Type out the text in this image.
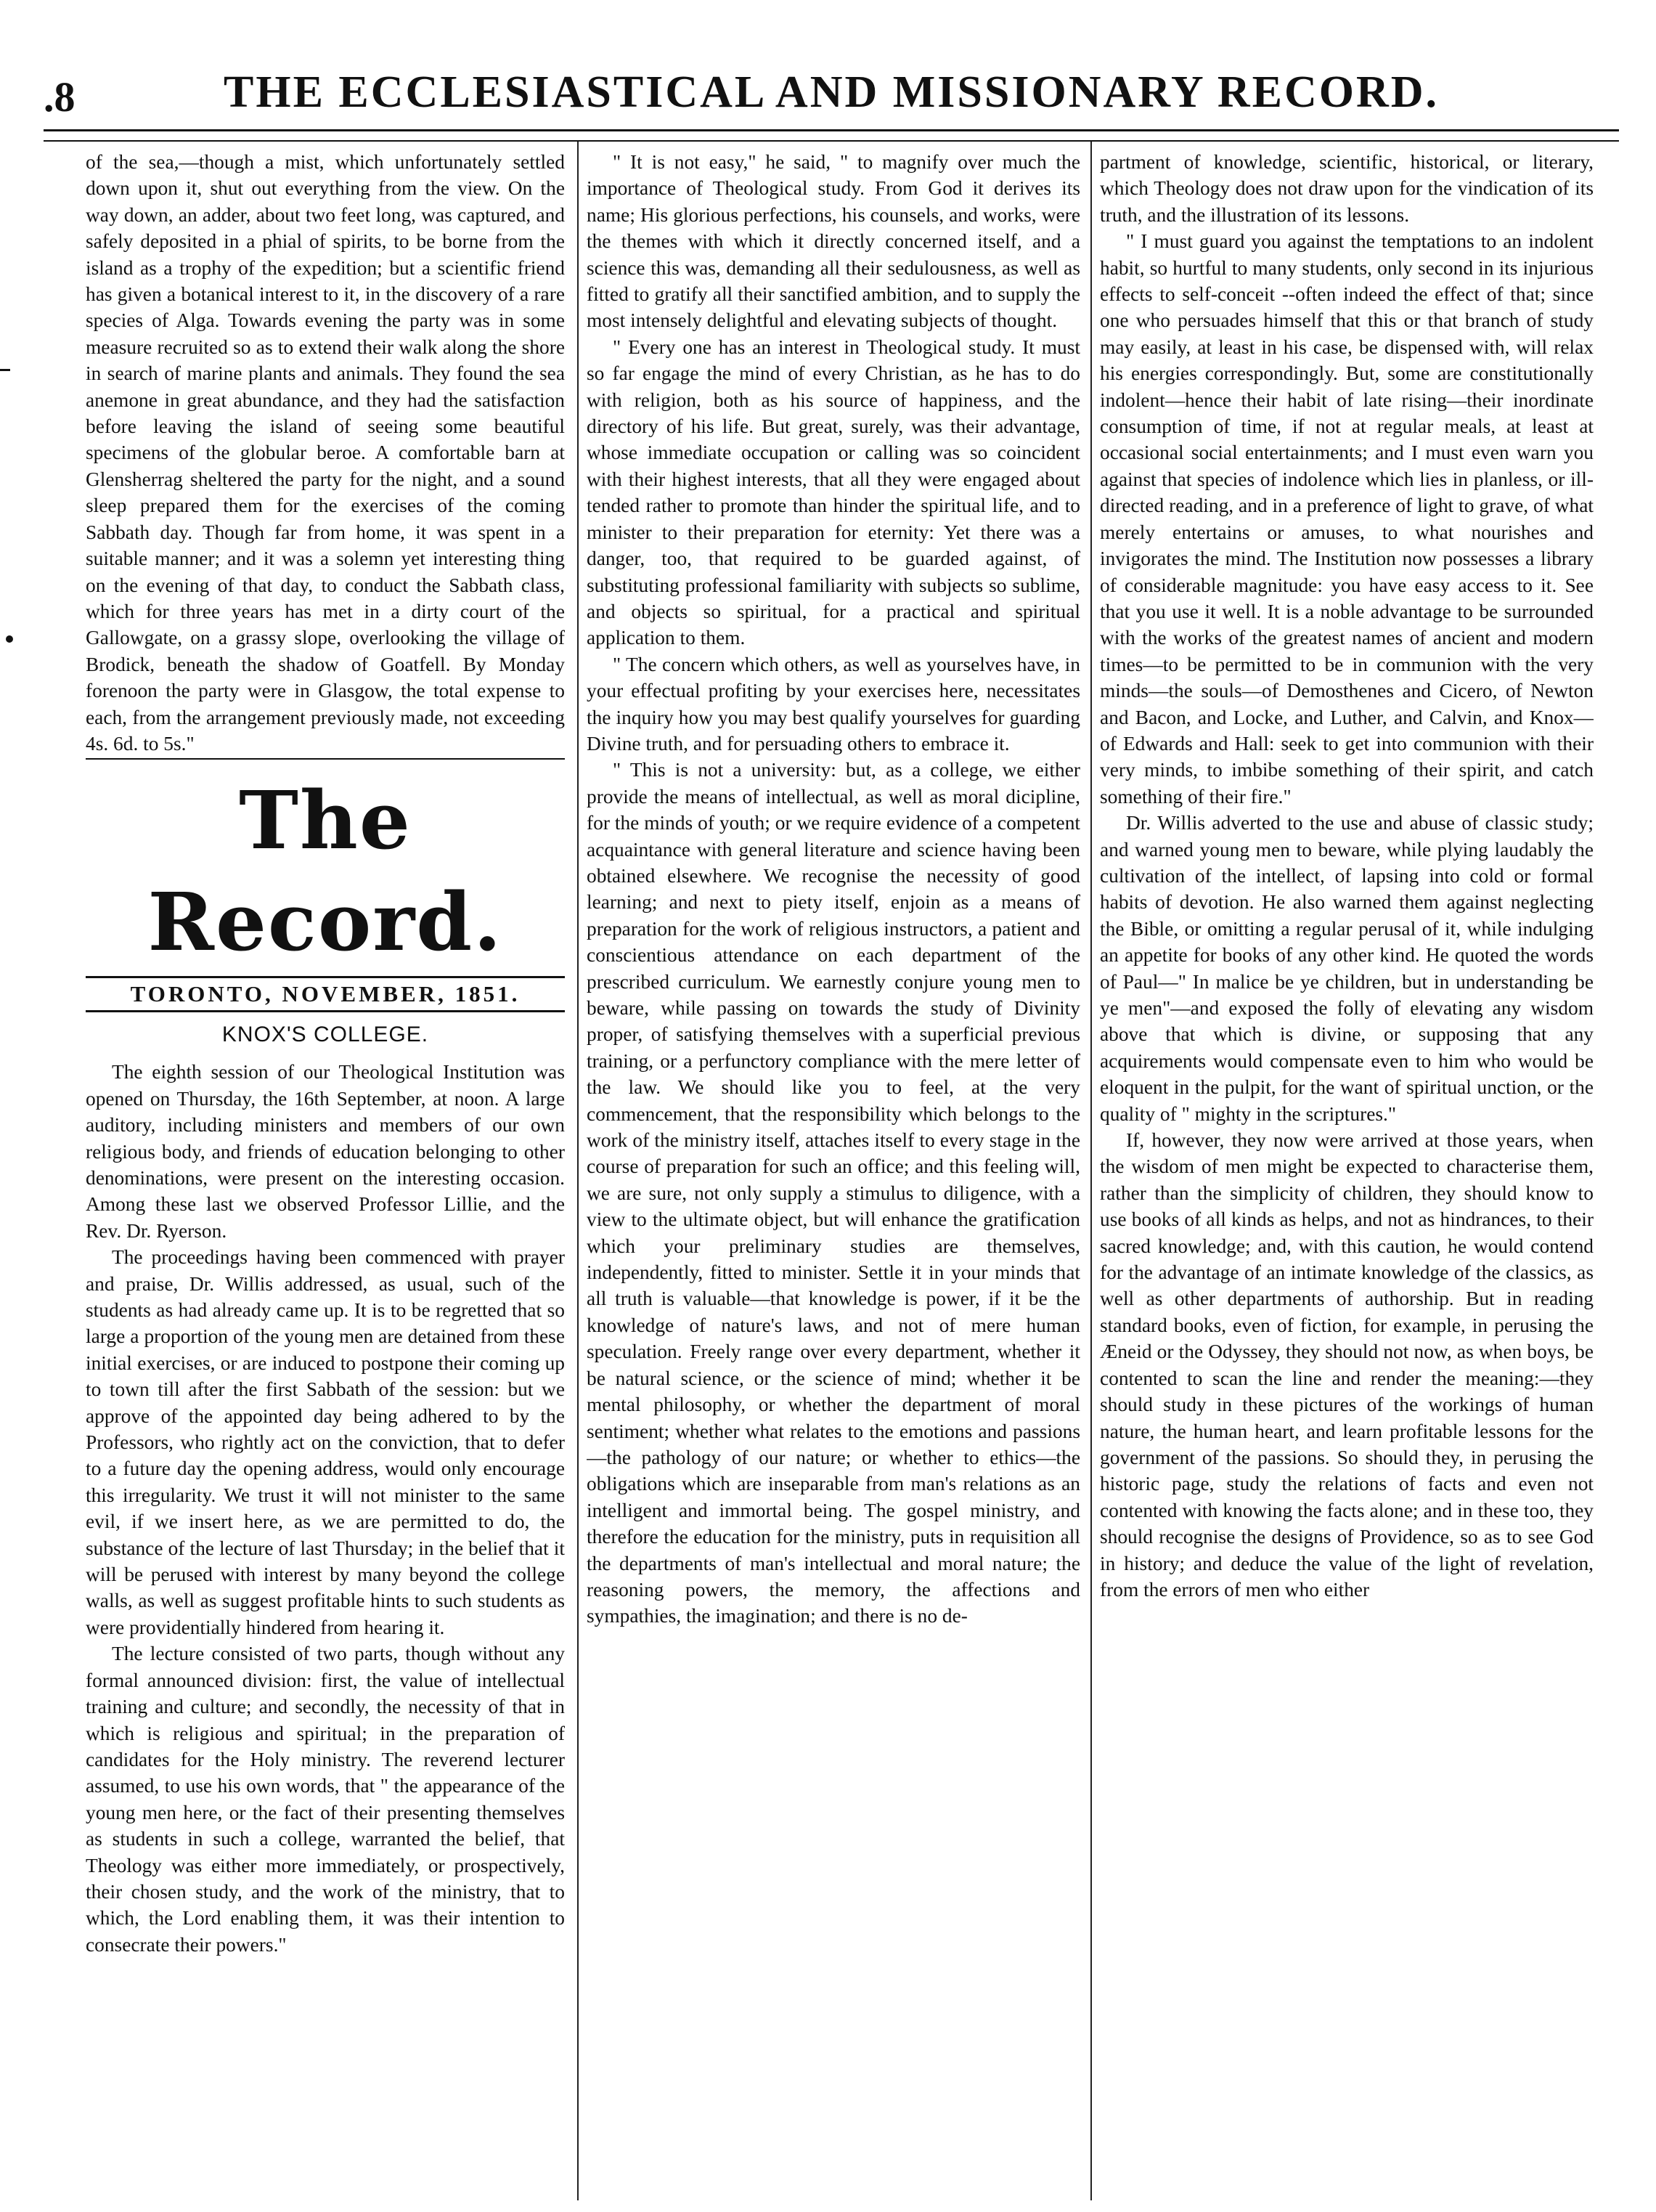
.8	THE ECCLESIASTICAL AND MISSIONARY RECORD.

of the sea,—though a mist, which unfortunately settled down upon it, shut out everything from the view. On the way down, an adder, about two feet long, was captured, and safely deposited in a phial of spirits, to be borne from the island as a trophy of the expedition; but a scientific friend has given a botanical interest to it, in the discovery of a rare species of Alga. Towards evening the party was in some measure recruited so as to extend their walk along the shore in search of marine plants and animals. They found the sea anemone in great abundance, and they had the satisfaction before leaving the island of seeing some beautiful specimens of the globular beroe. A comfortable barn at Glensherrag sheltered the party for the night, and a sound sleep prepared them for the exercises of the coming Sabbath day. Though far from home, it was spent in a suitable manner; and it was a solemn yet interesting thing on the evening of that day, to conduct the Sabbath class, which for three years has met in a dirty court of the Gallowgate, on a grassy slope, overlooking the village of Brodick, beneath the shadow of Goatfell. By Monday forenoon the party were in Glasgow, the total expense to each, from the arrangement previously made, not exceeding 4s. 6d. to 5s."

The Record.
TORONTO, NOVEMBER, 1851.
KNOX'S COLLEGE.

The eighth session of our Theological Institution was opened on Thursday, the 16th September, at noon. A large auditory, including ministers and members of our own religious body, and friends of education belonging to other denominations, were present on the interesting occasion. Among these last we observed Professor Lillie, and the Rev. Dr. Ryerson.

The proceedings having been commenced with prayer and praise, Dr. Willis addressed, as usual, such of the students as had already came up. It is to be regretted that so large a proportion of the young men are detained from these initial exercises, or are induced to postpone their coming up to town till after the first Sabbath of the session: but we approve of the appointed day being adhered to by the Professors, who rightly act on the conviction, that to defer to a future day the opening address, would only encourage this irregularity. We trust it will not minister to the same evil, if we insert here, as we are permitted to do, the substance of the lecture of last Thursday; in the belief that it will be perused with interest by many beyond the college walls, as well as suggest profitable hints to such students as were providentially hindered from hearing it.

The lecture consisted of two parts, though without any formal announced division: first, the value of intellectual training and culture; and secondly, the necessity of that in which is religious and spiritual; in the preparation of candidates for the Holy ministry. The reverend lecturer assumed, to use his own words, that " the appearance of the young men here, or the fact of their presenting themselves as students in such a college, warranted the belief, that Theology was either more immediately, or prospectively, their chosen study, and the work of the ministry, that to which, the Lord enabling them, it was their intention to consecrate their powers."

" It is not easy," he said, " to magnify over much the importance of Theological study. From God it derives its name; His glorious perfections, his counsels, and works, were the themes with which it directly concerned itself, and a science this was, demanding all their sedulousness, as well as fitted to gratify all their sanctified ambition, and to supply the most intensely delightful and elevating subjects of thought.

" Every one has an interest in Theological study. It must so far engage the mind of every Christian, as he has to do with religion, both as his source of happiness, and the directory of his life. But great, surely, was their advantage, whose immediate occupation or calling was so coincident with their highest interests, that all they were engaged about tended rather to promote than hinder the spiritual life, and to minister to their preparation for eternity: Yet there was a danger, too, that required to be guarded against, of substituting professional familiarity with subjects so sublime, and objects so spiritual, for a practical and spiritual application to them.

" The concern which others, as well as yourselves have, in your effectual profiting by your exercises here, necessitates the inquiry how you may best qualify yourselves for guarding Divine truth, and for persuading others to embrace it.

" This is not a university: but, as a college, we either provide the means of intellectual, as well as moral dicipline, for the minds of youth; or we require evidence of a competent acquaintance with general literature and science having been obtained elsewhere. We recognise the necessity of good learning; and next to piety itself, enjoin as a means of preparation for the work of religious instructors, a patient and conscientious attendance on each department of the prescribed curriculum. We earnestly conjure young men to beware, while passing on towards the study of Divinity proper, of satisfying themselves with a superficial previous training, or a perfunctory compliance with the mere letter of the law. We should like you to feel, at the very commencement, that the responsibility which belongs to the work of the ministry itself, attaches itself to every stage in the course of preparation for such an office; and this feeling will, we are sure, not only supply a stimulus to diligence, with a view to the ultimate object, but will enhance the gratification which your preliminary studies are themselves, independently, fitted to minister. Settle it in your minds that all truth is valuable—that knowledge is power, if it be the knowledge of nature's laws, and not of mere human speculation. Freely range over every department, whether it be natural science, or the science of mind; whether it be mental philosophy, or whether the department of moral sentiment; whether what relates to the emotions and passions—the pathology of our nature; or whether to ethics—the obligations which are inseparable from man's relations as an intelligent and immortal being. The gospel ministry, and therefore the education for the ministry, puts in requisition all the departments of man's intellectual and moral nature; the reasoning powers, the memory, the affections and sympathies, the imagination; and there is no de-

partment of knowledge, scientific, historical, or literary, which Theology does not draw upon for the vindication of its truth, and the illustration of its lessons.

" I must guard you against the temptations to an indolent habit, so hurtful to many students, only second in its injurious effects to self-conceit --often indeed the effect of that; since one who persuades himself that this or that branch of study may easily, at least in his case, be dispensed with, will relax his energies correspondingly. But, some are constitutionally indolent—hence their habit of late rising—their inordinate consumption of time, if not at regular meals, at least at occasional social entertainments; and I must even warn you against that species of indolence which lies in planless, or ill-directed reading, and in a preference of light to grave, of what merely entertains or amuses, to what nourishes and invigorates the mind. The Institution now possesses a library of considerable magnitude: you have easy access to it. See that you use it well. It is a noble advantage to be surrounded with the works of the greatest names of ancient and modern times—to be permitted to be in communion with the very minds—the souls—of Demosthenes and Cicero, of Newton and Bacon, and Locke, and Luther, and Calvin, and Knox—of Edwards and Hall: seek to get into communion with their very minds, to imbibe something of their spirit, and catch something of their fire."

Dr. Willis adverted to the use and abuse of classic study; and warned young men to beware, while plying laudably the cultivation of the intellect, of lapsing into cold or formal habits of devotion. He also warned them against neglecting the Bible, or omitting a regular perusal of it, while indulging an appetite for books of any other kind. He quoted the words of Paul—" In malice be ye children, but in understanding be ye men"—and exposed the folly of elevating any wisdom above that which is divine, or supposing that any acquirements would compensate even to him who would be eloquent in the pulpit, for the want of spiritual unction, or the quality of " mighty in the scriptures."

If, however, they now were arrived at those years, when the wisdom of men might be expected to characterise them, rather than the simplicity of children, they should know to use books of all kinds as helps, and not as hindrances, to their sacred knowledge; and, with this caution, he would contend for the advantage of an intimate knowledge of the classics, as well as other departments of authorship. But in reading standard books, even of fiction, for example, in perusing the Æneid or the Odyssey, they should not now, as when boys, be contented to scan the line and render the meaning:—they should study in these pictures of the workings of human nature, the human heart, and learn profitable lessons for the government of the passions. So should they, in perusing the historic page, study the relations of facts and even not contented with knowing the facts alone; and in these too, they should recognise the designs of Providence, so as to see God in history; and deduce the value of the light of revelation, from the errors of men who either
